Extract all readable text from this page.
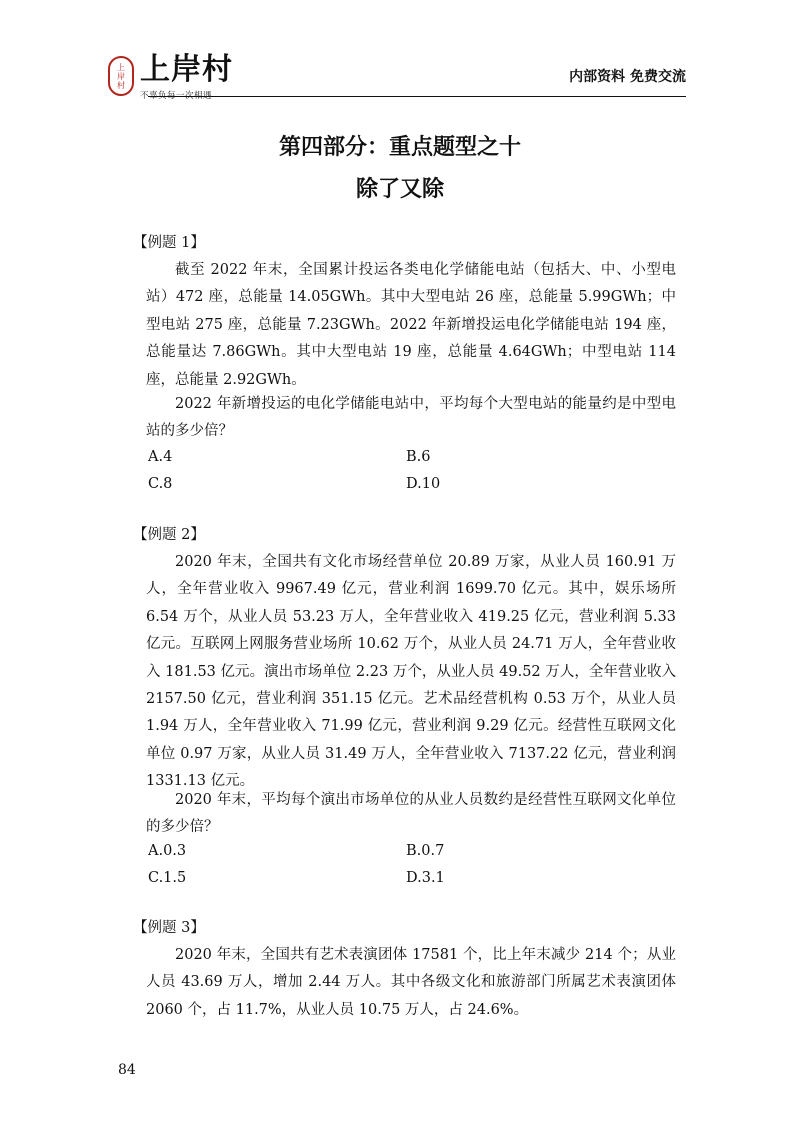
上
岸
村 上岸村
不辜负每一次相遇
内部资料 免费交流
第四部分：重点题型之十
除了又除
【例题 1】

截至 2022 年末，全国累计投运各类电化学储能电站（包括大、中、小型电站）472 座，总能量 14.05GWh。其中大型电站 26 座，总能量 5.99GWh；中型电站 275 座，总能量 7.23GWh。2022 年新增投运电化学储能电站 194 座，总能量达 7.86GWh。其中大型电站 19 座，总能量 4.64GWh；中型电站 114 座，总能量 2.92GWh。

2022 年新增投运的电化学储能电站中，平均每个大型电站的能量约是中型电站的多少倍？

A.4	B.6
C.8	D.10
【例题 2】

2020 年末，全国共有文化市场经营单位 20.89 万家，从业人员 160.91 万人，全年营业收入 9967.49 亿元，营业利润 1699.70 亿元。其中，娱乐场所 6.54 万个，从业人员 53.23 万人，全年营业收入 419.25 亿元，营业利润 5.33 亿元。互联网上网服务营业场所 10.62 万个，从业人员 24.71 万人，全年营业收入 181.53 亿元。演出市场单位 2.23 万个，从业人员 49.52 万人，全年营业收入 2157.50 亿元，营业利润 351.15 亿元。艺术品经营机构 0.53 万个，从业人员 1.94 万人，全年营业收入 71.99 亿元，营业利润 9.29 亿元。经营性互联网文化单位 0.97 万家，从业人员 31.49 万人，全年营业收入 7137.22 亿元，营业利润 1331.13 亿元。

2020 年末，平均每个演出市场单位的从业人员数约是经营性互联网文化单位的多少倍？

A.0.3	B.0.7
C.1.5	D.3.1
【例题 3】

2020 年末，全国共有艺术表演团体 17581 个，比上年末减少 214 个；从业人员 43.69 万人，增加 2.44 万人。其中各级文化和旅游部门所属艺术表演团体 2060 个，占 11.7%，从业人员 10.75 万人，占 24.6%。

84
